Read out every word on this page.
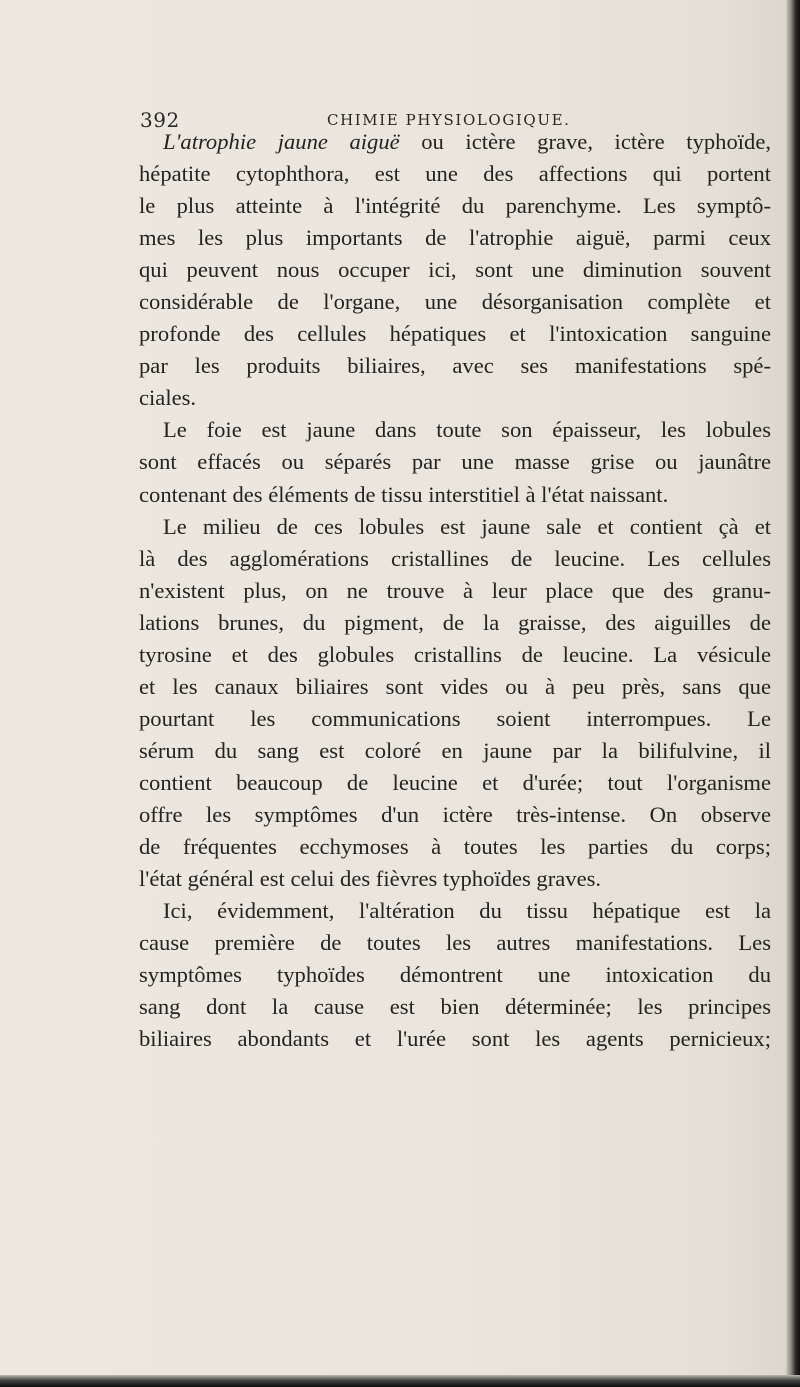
392	CHIMIE PHYSIOLOGIQUE.
L'atrophie jaune aiguë ou ictère grave, ictère typhoïde,
hépatite cytophthora, est une des affections qui portent
le plus atteinte à l'intégrité du parenchyme. Les symptô-
mes les plus importants de l'atrophie aiguë, parmi ceux
qui peuvent nous occuper ici, sont une diminution souvent
considérable de l'organe, une désorganisation complète et
profonde des cellules hépatiques et l'intoxication sanguine
par les produits biliaires, avec ses manifestations spé-
ciales.
Le foie est jaune dans toute son épaisseur, les lobules
sont effacés ou séparés par une masse grise ou jaunâtre
contenant des éléments de tissu interstitiel à l'état naissant.
Le milieu de ces lobules est jaune sale et contient çà et
là des agglomérations cristallines de leucine. Les cellules
n'existent plus, on ne trouve à leur place que des granu-
lations brunes, du pigment, de la graisse, des aiguilles de
tyrosine et des globules cristallins de leucine. La vésicule
et les canaux biliaires sont vides ou à peu près, sans que
pourtant les communications soient interrompues. Le
sérum du sang est coloré en jaune par la bilifulvine, il
contient beaucoup de leucine et d'urée; tout l'organisme
offre les symptômes d'un ictère très-intense. On observe
de fréquentes ecchymoses à toutes les parties du corps;
l'état général est celui des fièvres typhoïdes graves.
Ici, évidemment, l'altération du tissu hépatique est la
cause première de toutes les autres manifestations. Les
symptômes typhoïdes démontrent une intoxication du
sang dont la cause est bien déterminée; les principes
biliaires abondants et l'urée sont les agents pernicieux;
